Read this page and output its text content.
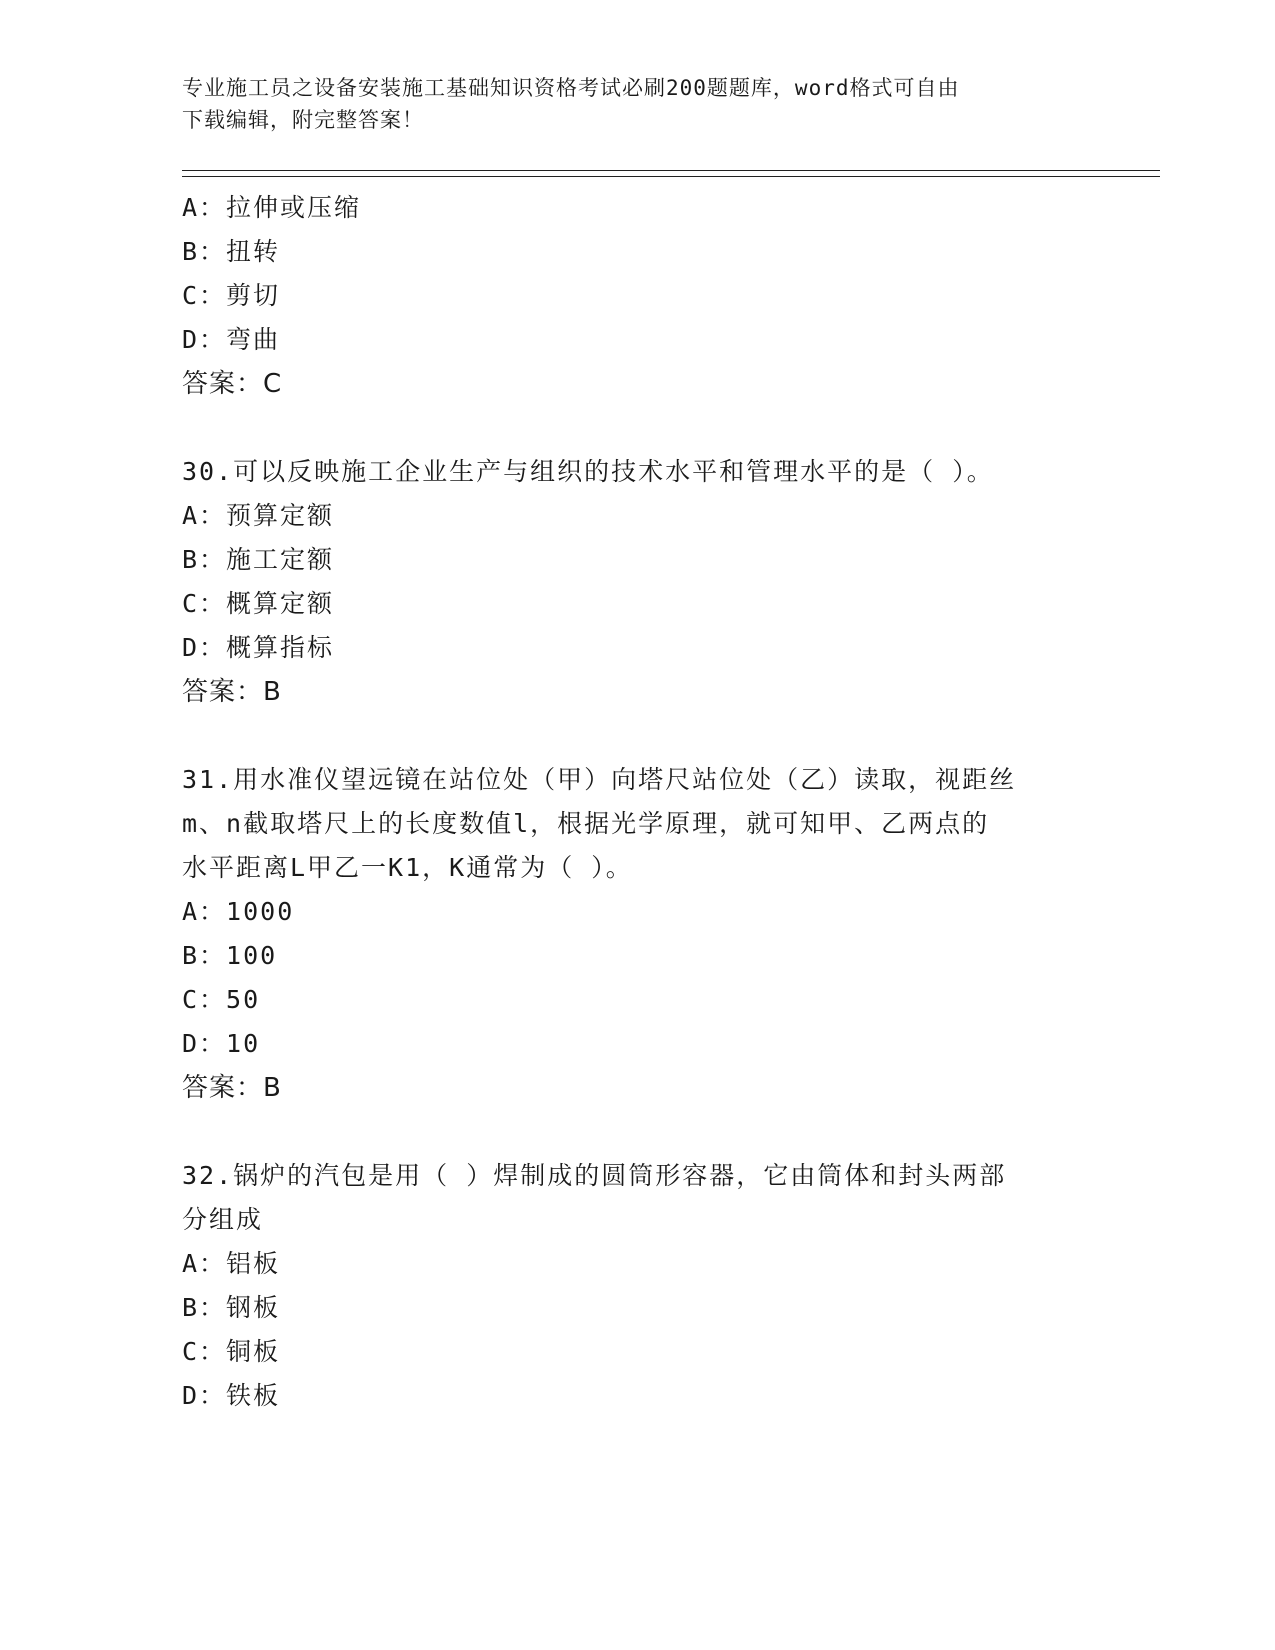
专业施工员之设备安装施工基础知识资格考试必刷200题题库，word格式可自由
下载编辑，附完整答案！
A：拉伸或压缩
B：扭转
C：剪切
D：弯曲
答案：C
30.可以反映施工企业生产与组织的技术水平和管理水平的是（ ）。
A：预算定额
B：施工定额
C：概算定额
D：概算指标
答案：B
31.用水准仪望远镜在站位处（甲）向塔尺站位处（乙）读取，视距丝
m、n截取塔尺上的长度数值l，根据光学原理，就可知甲、乙两点的
水平距离L甲乙一K1，K通常为（ ）。
A：1000
B：100
C：50
D：10
答案：B
32.锅炉的汽包是用（ ）焊制成的圆筒形容器，它由筒体和封头两部
分组成
A：铝板
B：钢板
C：铜板
D：铁板
